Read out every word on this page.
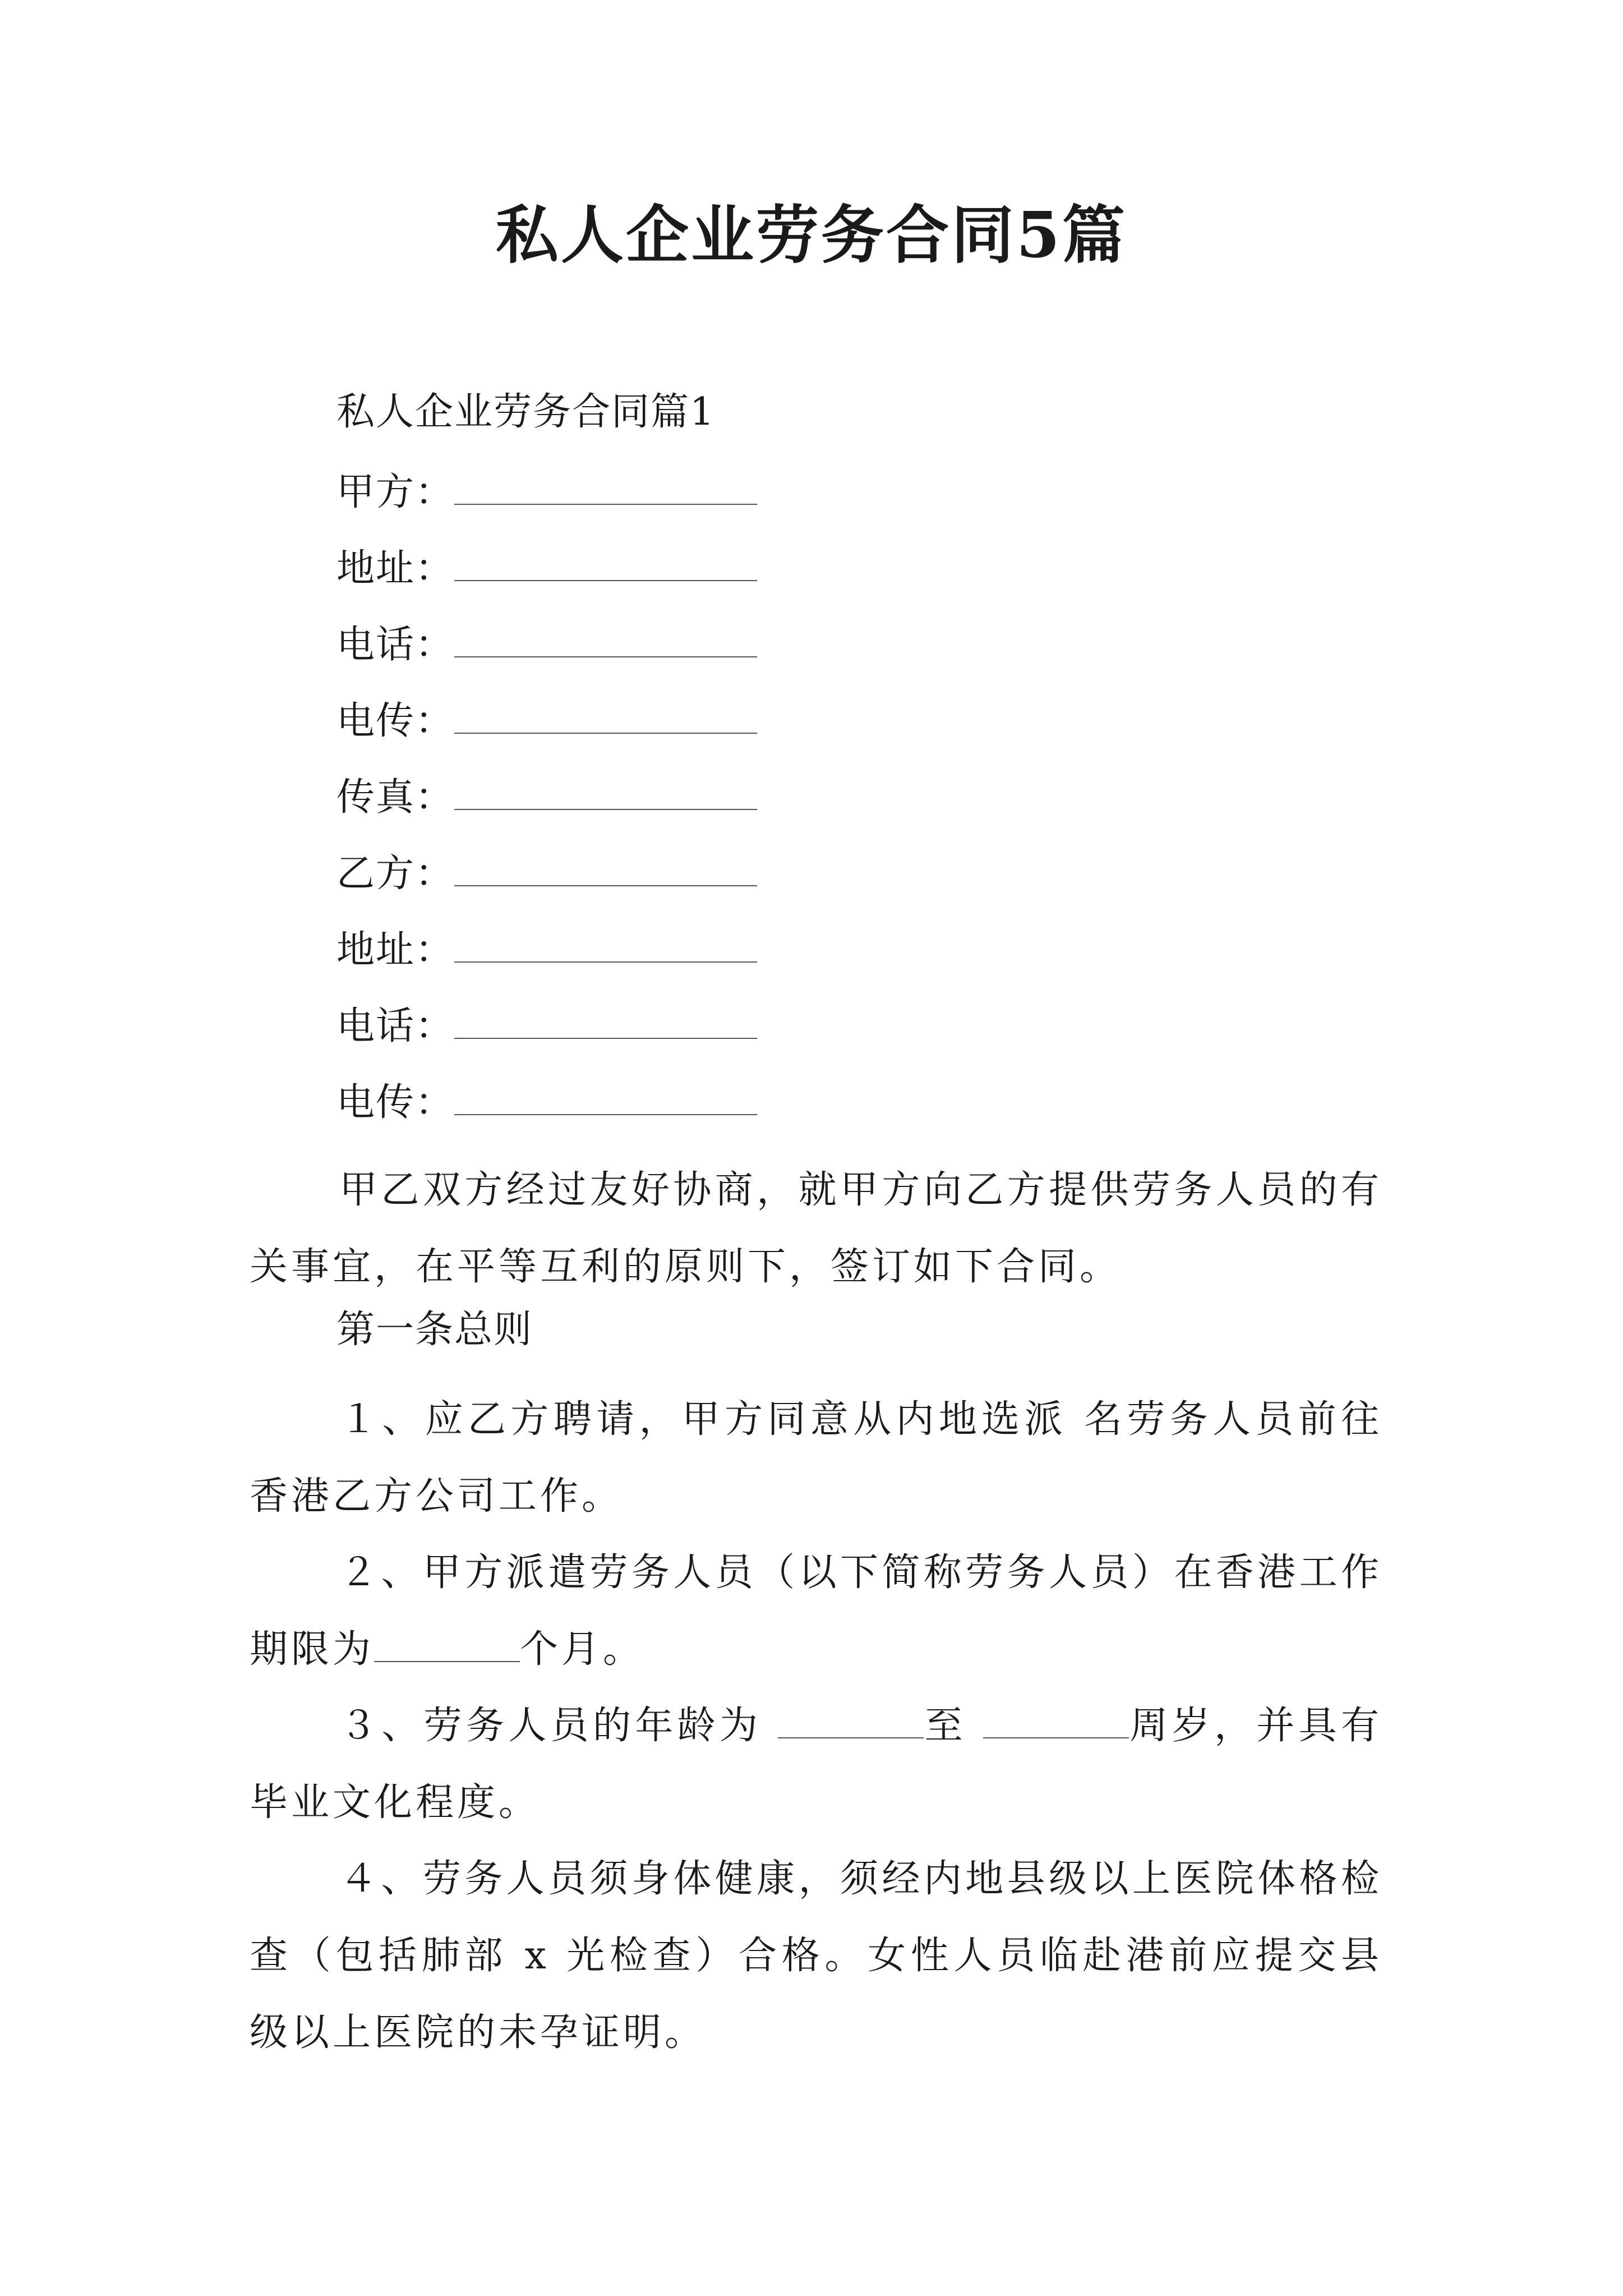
私人企业劳务合同5篇
私人企业劳务合同篇1
甲方：
地址：
电话：
电传：
传真：
乙方：
地址：
电话：
电传：
甲乙双方经过友好协商，就甲方向乙方提供劳务人员的有关事宜，在平等互利的原则下，签订如下合同。
第一条总则
１、应乙方聘请，甲方同意从内地选派 名劳务人员前往香港乙方公司工作。
２、甲方派遣劳务人员（以下简称劳务人员）在香港工作期限为	个月。
３、劳务人员的年龄为	至	周岁，并具有 毕业文化程度。
４、劳务人员须身体健康，须经内地县级以上医院体格检查（包括肺部 x 光检查）合格。女性人员临赴港前应提交县级以上医院的未孕证明。
